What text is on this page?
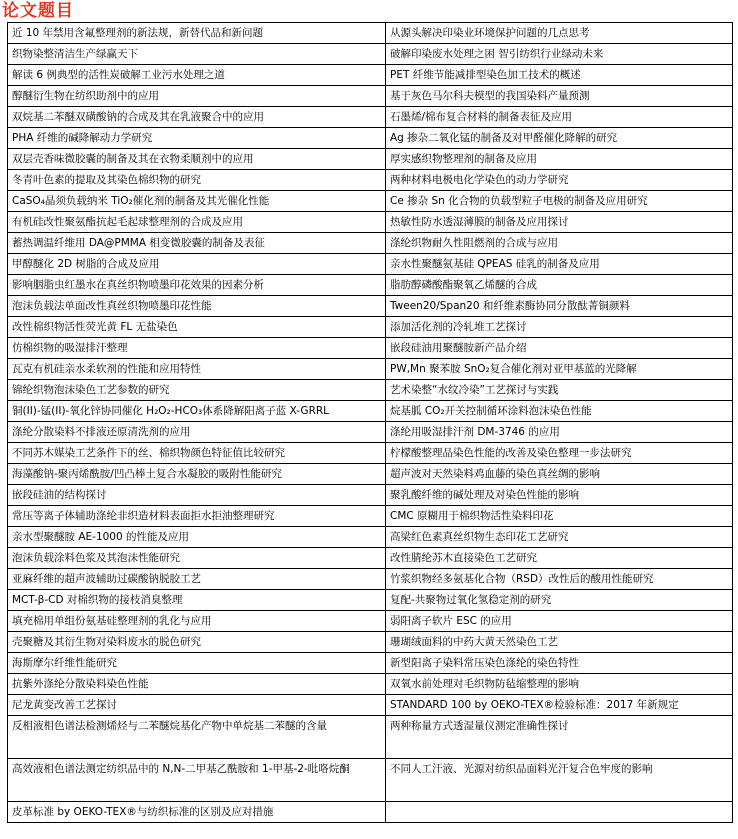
论文题目
近 10 年禁用含氟整理剂的新法规，新替代品和新问题	从源头解决印染业环境保护问题的几点思考
织物染整清洁生产绿赢天下	破解印染废水处理之困 智引纺织行业绿动未来
解读 6 例典型的活性炭破解工业污水处理之道	PET 纤维节能减排型染色加工技术的概述
醇醚衍生物在纺织助剂中的应用	基于灰色马尔科夫模型的我国染料产量预测
双烷基二苯醚双磺酸钠的合成及其在乳液聚合中的应用	石墨烯/棉布复合材料的制备表征及应用
PHA 纤维的碱降解动力学研究	Ag 掺杂二氧化锰的制备及对甲醛催化降解的研究
双层壳香味微胶囊的制备及其在衣物柔顺剂中的应用	厚实感织物整理剂的制备及应用
冬青叶色素的提取及其染色棉织物的研究	两种材料电极电化学染色的动力学研究
CaSO₄晶须负载纳米 TiO₂催化剂的制备及其光催化性能	Ce 掺杂 Sn 化合物的负载型粒子电极的制备及应用研究
有机硅改性聚氨酯抗起毛起球整理剂的合成及应用	热敏性防水透湿薄膜的制备及应用探讨
蓄热调温纤维用 DA@PMMA 相变微胶囊的制备及表征	涤纶织物耐久性阻燃剂的合成与应用
甲醇醚化 2D 树脂的合成及应用	亲水性聚醚氨基硅 QPEAS 硅乳的制备及应用
影响胭脂虫红墨水在真丝织物喷墨印花效果的因素分析	脂肪醇磷酸酯聚氧乙烯醚的合成
泡沫负载法单面改性真丝织物喷墨印花性能	Tween20/Span20 和纤维素酶协同分散酞菁铜颜料
改性棉织物活性荧光黄 FL 无盐染色	添加活化剂的冷轧堆工艺探讨
仿棉织物的吸湿排汗整理	嵌段硅油用聚醚胺新产品介绍
瓦克有机硅亲水柔软剂的性能和应用特性	PW,Mn 聚苯胺 SnO₂复合催化剂对亚甲基蓝的光降解
锦纶织物泡沫染色工艺参数的研究	艺术染整“水纹冷染”工艺探讨与实践
铜(II)-锰(II)-氧化锌协同催化 H₂O₂-HCO₃体系降解阳离子蓝 X-GRRL	烷基胍 CO₂开关控制循环涂料泡沫染色性能
涤纶分散染料不排液还原清洗剂的应用	涤纶用吸湿排汗剂 DM-3746 的应用
不同苏木媒染工艺条件下的丝、棉织物颜色特征值比较研究	柠檬酸整理品染色性能的改善及染色整理一步法研究
海藻酸钠-聚丙烯酰胺/凹凸棒土复合水凝胶的吸附性能研究	超声波对天然染料鸡血藤的染色真丝绸的影响
嵌段硅油的结构探讨	聚乳酸纤维的碱处理及对染色性能的影响
常压等离子体辅助涤纶非织造材料表面拒水拒油整理研究	CMC 原糊用于棉织物活性染料印花
亲水型聚醚胺 AE-1000 的性能及应用	高梁红色素真丝织物生态印花工艺研究
泡沫负载涂料色浆及其泡沫性能研究	改性腈纶苏木直接染色工艺研究
亚麻纤维的超声波辅助过碳酸钠脱胶工艺	竹浆织物经多氨基化合物（RSD）改性后的酸用性能研究
MCT-β-CD 对棉织物的接枝消臭整理	复配-共聚物过氧化氢稳定剂的研究
填充棉用单组份氨基硅整理剂的乳化与应用	弱阳离子软片 ESC 的应用
壳聚糖及其衍生物对染料废水的脱色研究	珊瑚绒面料的中药大黄天然染色工艺
海斯摩尔纤维性能研究	新型阳离子染料常压染色涤纶的染色特性
抗紫外涤纶分散染料染色性能	双氧水前处理对毛织物防毡缩整理的影响
尼龙黄变改善工艺探讨	STANDARD 100 by OEKO-TEX®检验标准：2017 年新规定
反相液相色谱法检测烯烃与二苯醚烷基化产物中单烷基二苯醚的含量	两种称量方式透湿量仪测定准确性探讨
高效液相色谱法测定纺织品中的 N,N-二甲基乙酰胺和 1-甲基-2-吡咯烷酮	不同人工汗液、光源对纺织品面料光汗复合色牢度的影响
皮革标准 by OEKO-TEX®与纺织标准的区别及应对措施	
